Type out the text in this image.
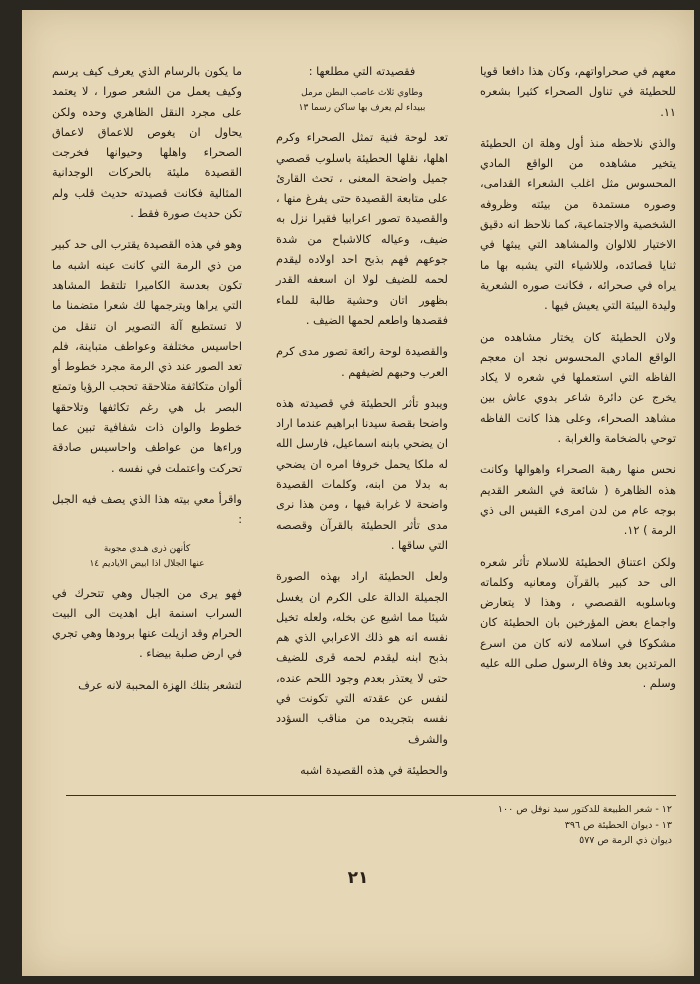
معهم في صحراواتهم، وكان هذا دافعا قويا للحطيئة في تناول الصحراء كثيرا بشعره ١١.

والذي نلاحظه منذ أول وهلة ان الحطيئة يتخير مشاهده من الواقع المادي المحسوس مثل اغلب الشعراء القدامى، وصوره مستمدة من بيئته وظروفه الشخصية والاجتماعية، كما نلاحظ انه دقيق الاختيار للالوان والمشاهد التي يبثها في ثنايا قصائده، وللاشياء التي يشبه بها ما يراه في صحرائه ، فكانت صوره الشعرية وليدة البيئة التي يعيش فيها .

ولان الحطيئة كان يختار مشاهده من الواقع المادي المحسوس نجد ان معجم الفاظه التي استعملها في شعره لا يكاد يخرج عن دائرة شاعر بدوي عاش بين مشاهد الصحراء، وعلى هذا كانت الفاظه توحي بالضخامة والغرابة .

نحس منها رهبة الصحراء واهوالها وكانت هذه الظاهرة ( شائعة في الشعر القديم بوجه عام من لدن امرىء القيس الى ذي الرمة ) ١٢.

ولكن اعتناق الحطيئة للاسلام تأثر شعره الى حد كبير بالقرآن ومعانيه وكلماته وباسلوبه القصصي ، وهذا لا يتعارض واجماع بعض المؤرخين بان الحطيئة كان مشكوكا في اسلامه لانه كان من اسرع المرتدين بعد وفاة الرسول صلى الله عليه وسلم .

فقصيدته التي مطلعها :

وطاوي ثلاث عاصب البطن مرمل
ببيداء لم يعرف بها ساكن رسما ١٣

تعد لوحة فنية تمثل الصحراء وكرم اهلها، نقلها الحطيئة باسلوب قصصي جميل واضحة المعنى ، تحث القارئ على متابعة القصيدة حتى يفرغ منها ، والقصيدة تصور اعرابيا فقيرا نزل به ضيف، وعياله كالاشباح من شدة جوعهم فهم بذبح احد اولاده ليقدم لحمه للضيف لولا ان اسعفه القدر بظهور اتان وحشية طالبة للماء فقصدها واطعم لحمها الضيف .

والقصيدة لوحة رائعة تصور مدى كرم العرب وحبهم لضيفهم .

ويبدو تأثر الحطيئة في قصيدته هذه واضحا بقصة سيدنا ابراهيم عندما اراد ان يضحي بابنه اسماعيل، فارسل الله له ملكا يحمل خروفا امره ان يضحي به بدلا من ابنه، وكلمات القصيدة واضحة لا غرابة فيها ، ومن هذا نرى مدى تأثر الحطيئة بالقرآن وقصصه التي ساقها .

ولعل الحطيئة اراد بهذه الصورة الجميلة الدالة على الكرم ان يغسل شيئا مما اشيع عن بخله، ولعله تخيل نفسه انه هو ذلك الاعرابي الذي هم بذبح ابنه ليقدم لحمه قرى للضيف حتى لا يعتذر بعدم وجود اللحم عنده، لنفس عن عقدته التي تكونت في نفسه بتجريده من مناقب السؤدد والشرف

والحطيئة في هذه القصيدة اشبه

ما يكون بالرسام الذي يعرف كيف يرسم وكيف يعمل من الشعر صورا ، لا يعتمد على مجرد النقل الظاهري وحده ولكن يحاول ان يغوص للاعماق لاعماق الصحراء واهلها وحيوانها فخرجت القصيدة مليئة بالحركات الوجدانية المثالية فكانت قصيدته حديث قلب ولم تكن حديث صورة فقط .

وهو في هذه القصيدة يقترب الى حد كبير من ذي الرمة التي كانت عينه اشبه ما تكون بعدسة الكاميرا تلتقط المشاهد التي يراها ويترجمها لك شعرا متضمنا ما لا تستطيع آلة التصوير ان تنقل من احاسيس مختلفة وعواطف متباينة، فلم تعد الصور عند ذي الرمة مجرد خطوط أو ألوان متكاثفة متلاحقة تحجب الرؤيا وتمتع البصر بل هي رغم تكاثفها وتلاحقها خطوط والوان ذات شفافية تبين عما وراءها من عواطف واحاسيس صادقة تحركت واعتملت في نفسه .

واقرأ معي بيته هذا الذي يصف فيه الجبل :

كأنهن ذرى هـدي مجوبة
عنها الجلال اذا ابيض الاياديم ١٤

فهو يرى من الجبال وهي تتحرك في السراب اسنمة ابل اهديت الى البيت الحرام وقد ازيلت عنها برودها وهي تجري في ارض صلبة بيضاء .

لتشعر بتلك الهزة المحببة لانه عرف

١٢ - شعر الطبيعة للدكتور سيد نوفل ص ١٠٠
١٣ - ديوان الحطيئة ص ٣٩٦
ديوان ذي الرمة ص ٥٧٧
٢١
